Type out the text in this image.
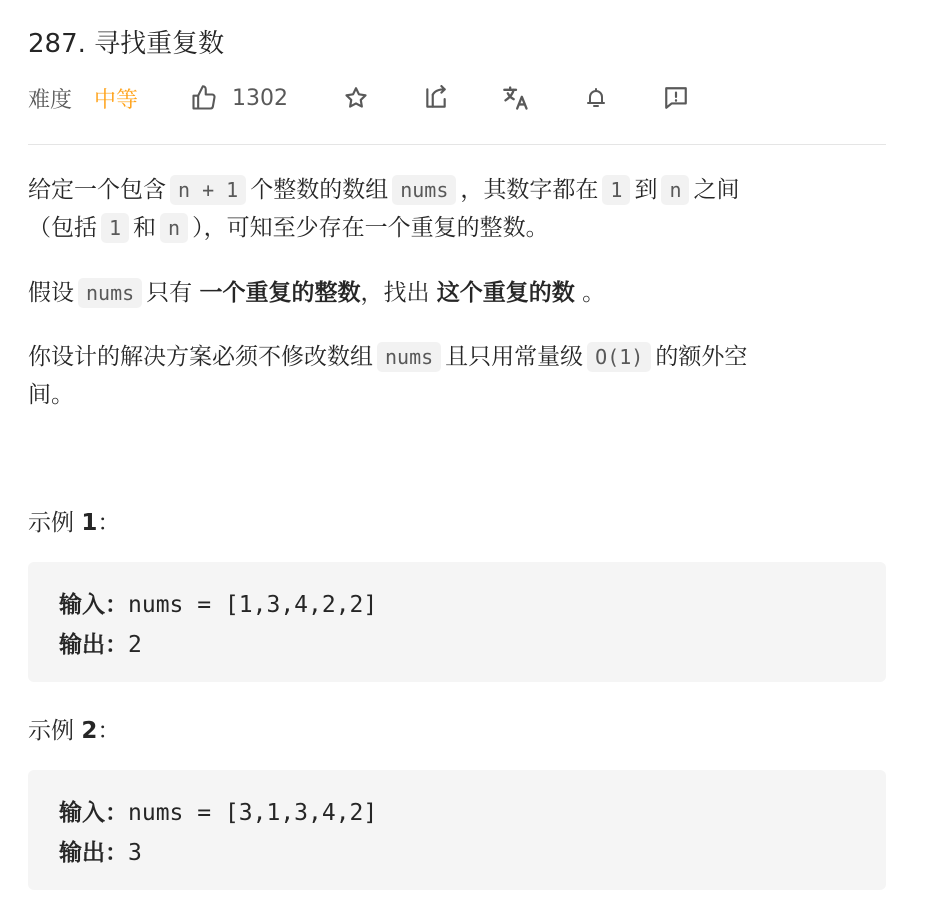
287. 寻找重复数
难度 中等	1302
给定一个包含 n + 1 个整数的数组 nums ，其数字都在 1 到 n 之间
（包括 1 和 n ），可知至少存在一个重复的整数。
假设 nums 只有 一个重复的整数，找出 这个重复的数 。
你设计的解决方案必须不修改数组 nums 且只用常量级 O(1) 的额外空
间。
示例 1：
输入：nums = [1,3,4,2,2]
输出：2
示例 2：
输入：nums = [3,1,3,4,2]
输出：3
